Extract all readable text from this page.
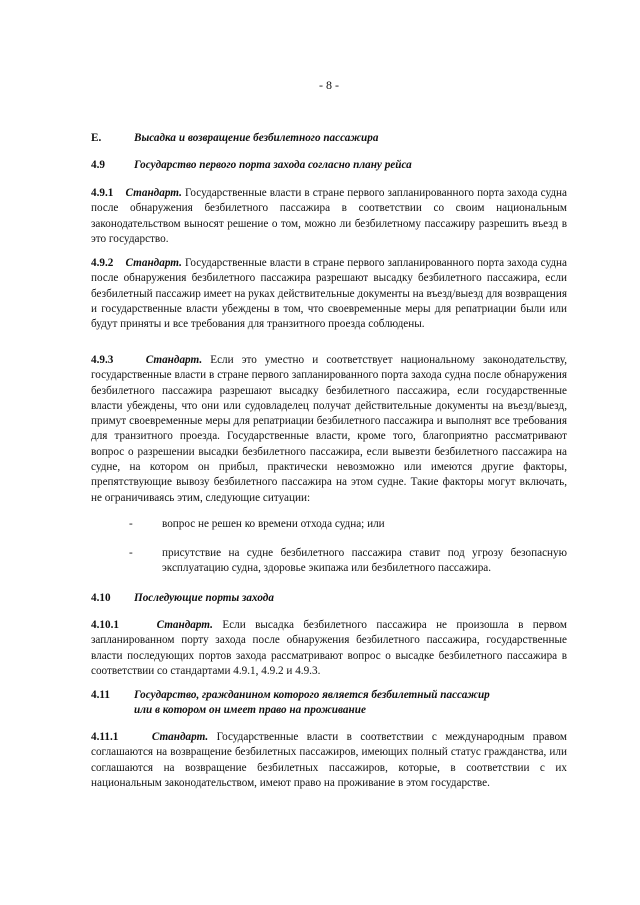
- 8 -
E.	Высадка и возвращение безбилетного пассажира
4.9	Государство первого порта захода согласно плану рейса

4.9.1 Стандарт. Государственные власти в стране первого запланированного порта захода судна после обнаружения безбилетного пассажира в соответствии со своим национальным законодательством выносят решение о том, можно ли безбилетному пассажиру разрешить въезд в это государство.

4.9.2 Стандарт. Государственные власти в стране первого запланированного порта захода судна после обнаружения безбилетного пассажира разрешают высадку безбилетного пассажира, если безбилетный пассажир имеет на руках действительные документы на въезд/выезд для возвращения и государственные власти убеждены в том, что своевременные меры для репатриации были или будут приняты и все требования для транзитного проезда соблюдены.

4.9.3	Стандарт. Если это уместно и соответствует национальному законодательству, государственные власти в стране первого запланированного порта захода судна после обнаружения безбилетного пассажира разрешают высадку безбилетного пассажира, если государственные власти убеждены, что они или судовладелец получат действительные документы на въезд/выезд, примут своевременные меры для репатриации безбилетного пассажира и выполнят все требования для транзитного проезда. Государственные власти, кроме того, благоприятно рассматривают вопрос о разрешении высадки безбилетного пассажира, если вывезти безбилетного пассажира на судне, на котором он прибыл, практически невозможно или имеются другие факторы, препятствующие вывозу безбилетного пассажира на этом судне. Такие факторы могут включать, не ограничиваясь этим, следующие ситуации:

-	вопрос не решен ко времени отхода судна; или
-	присутствие на судне безбилетного пассажира ставит под угрозу безопасную эксплуатацию судна, здоровье экипажа или безбилетного пассажира.
4.10 Последующие порты захода

4.10.1	Стандарт. Если высадка безбилетного пассажира не произошла в первом запланированном порту захода после обнаружения безбилетного пассажира, государственные власти последующих портов захода рассматривают вопрос о высадке безбилетного пассажира в соответствии со стандартами 4.9.1, 4.9.2 и 4.9.3.

4.11 Государство, гражданином которого является безбилетный пассажир
или в котором он имеет право на проживание

4.11.1	Стандарт. Государственные власти в соответствии с международным правом соглашаются на возвращение безбилетных пассажиров, имеющих полный статус гражданства, или соглашаются на возвращение безбилетных пассажиров, которые, в соответствии с их национальным законодательством, имеют право на проживание в этом государстве.
